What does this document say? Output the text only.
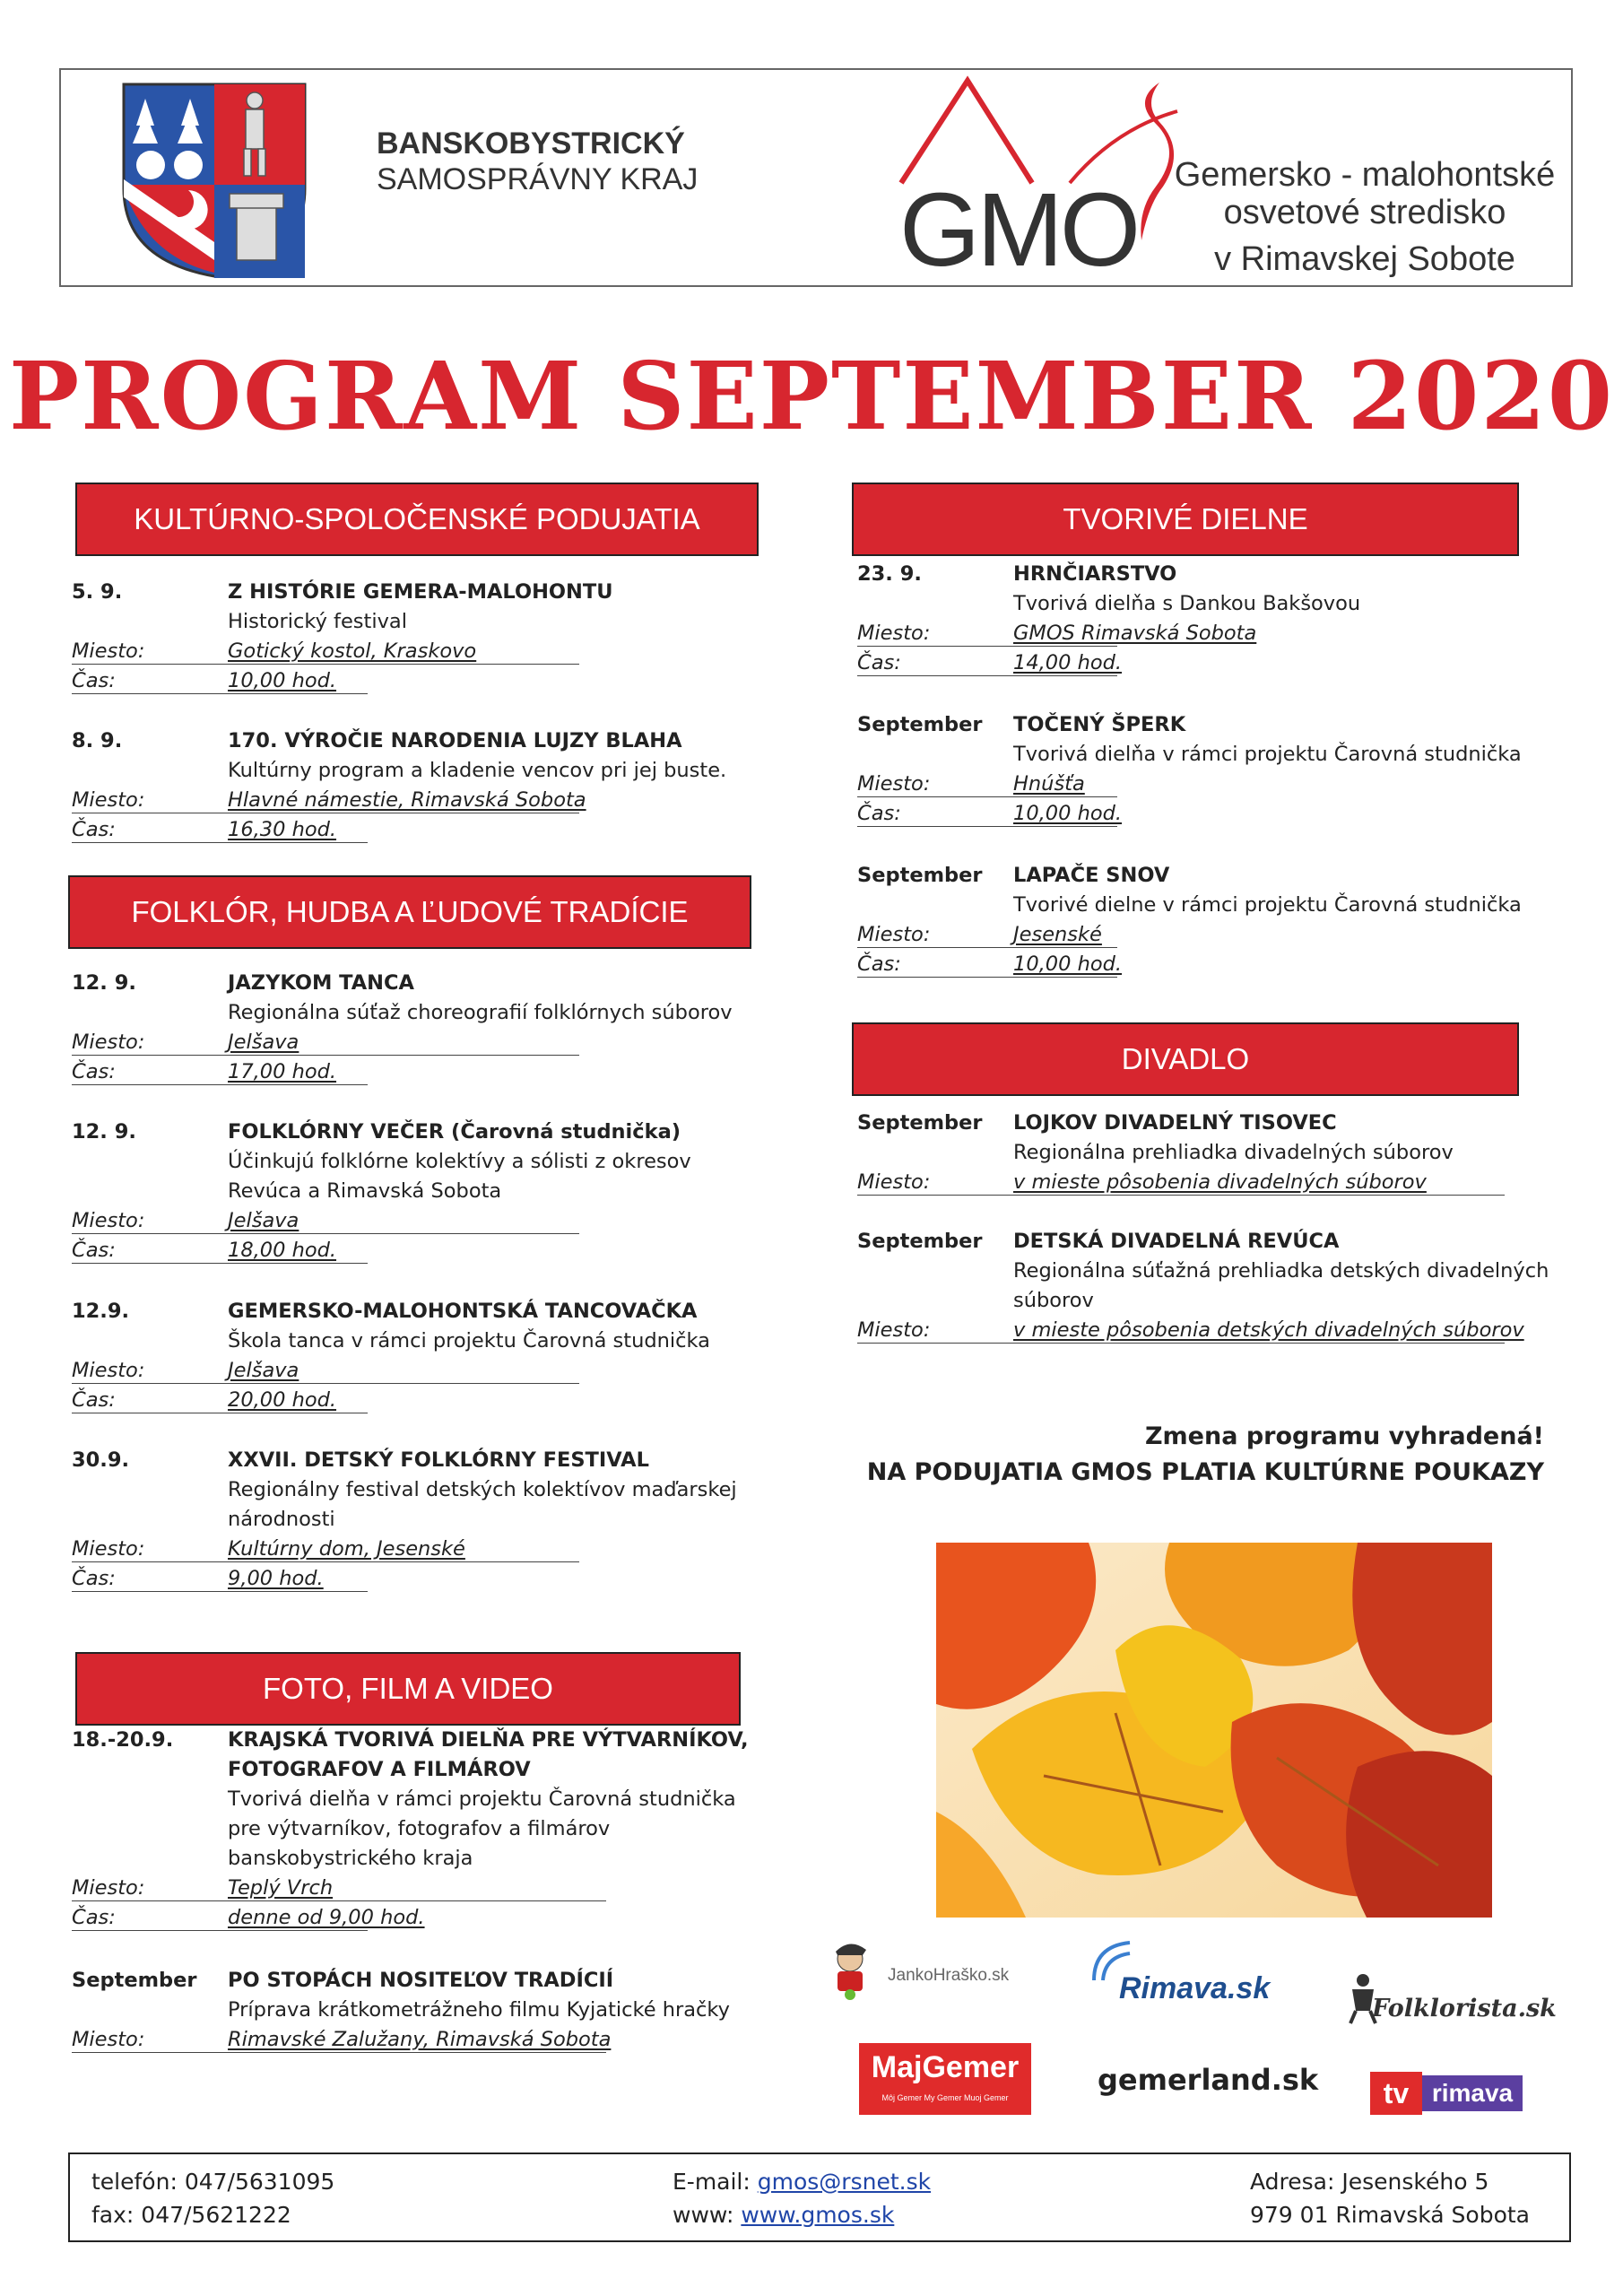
BANSKOBYSTRICKÝ
SAMOSPRÁVNY KRAJ GMO Gemersko - malohontské
osvetové stredisko
v Rimavskej Sobote
PROGRAM SEPTEMBER 2020
KULTÚRNO-SPOLOČENSKÉ PODUJATIA
FOLKLÓR, HUDBA A ĽUDOVÉ TRADÍCIE
FOTO, FILM A VIDEO
TVORIVÉ DIELNE
DIVADLO
5. 9.	Z HISTÓRIE GEMERA-MALOHONTU
Historický festival
Miesto:	Gotický kostol, Kraskovo
Čas:	10,00 hod.
8. 9.	170. VÝROČIE NARODENIA LUJZY BLAHA
Kultúrny program a kladenie vencov pri jej buste.
Miesto:	Hlavné námestie, Rimavská Sobota
Čas:	16,30 hod.
12. 9.	JAZYKOM TANCA
Regionálna súťaž choreografií folklórnych súborov
Miesto:	Jelšava
Čas:	17,00 hod.
12. 9.	FOLKLÓRNY VEČER (Čarovná studnička)
Účinkujú folklórne kolektívy a sólisti z okresov
Revúca a Rimavská Sobota
Miesto:	Jelšava
Čas:	18,00 hod.
12.9.	GEMERSKO-MALOHONTSKÁ TANCOVAČKA
Škola tanca v rámci projektu Čarovná studnička
Miesto:	Jelšava
Čas:	20,00 hod.
30.9.	XXVII. DETSKÝ FOLKLÓRNY FESTIVAL
Regionálny festival detských kolektívov maďarskej
národnosti
Miesto:	Kultúrny dom, Jesenské
Čas:	9,00 hod.
18.-20.9.	KRAJSKÁ TVORIVÁ DIELŇA PRE VÝTVARNÍKOV,
FOTOGRAFOV A FILMÁROV
Tvorivá dielňa v rámci projektu Čarovná studnička
pre výtvarníkov, fotografov a filmárov
banskobystrického kraja
Miesto:	Teplý Vrch
Čas:	denne od 9,00 hod.
September PO STOPÁCH NOSITEĽOV TRADÍCIÍ
Príprava krátkometrážneho filmu Kyjatické hračky
Miesto:	Rimavské Zalužany, Rimavská Sobota
23. 9.	HRNČIARSTVO
Tvorivá dielňa s Dankou Bakšovou
Miesto:	GMOS Rimavská Sobota
Čas:	14,00 hod.
September TOČENÝ ŠPERK
Tvorivá dielňa v rámci projektu Čarovná studnička
Miesto:	Hnúšťa
Čas:	10,00 hod.
September LAPAČE SNOV
Tvorivé dielne v rámci projektu Čarovná studnička
Miesto:	Jesenské
Čas:	10,00 hod.
September LOJKOV DIVADELNÝ TISOVEC
Regionálna prehliadka divadelných súborov
Miesto:	v mieste pôsobenia divadelných súborov
September DETSKÁ DIVADELNÁ REVÚCA
Regionálna súťažná prehliadka detských divadelných
súborov
Miesto:	v mieste pôsobenia detských divadelných súborov
Zmena programu vyhradená!
NA PODUJATIA GMOS PLATIA KULTÚRNE POUKAZY
JankoHraško.sk	Rimava.sk
Folklorista.sk
MajGemer
Môj Gemer My Gemer Muoj Gemer
gemerland.sk	tv rimava
telefón: 047/5631095
fax: 047/5621222
E-mail: gmos@rsnet.sk
www: www.gmos.sk
Adresa: Jesenského 5
979 01 Rimavská Sobota
